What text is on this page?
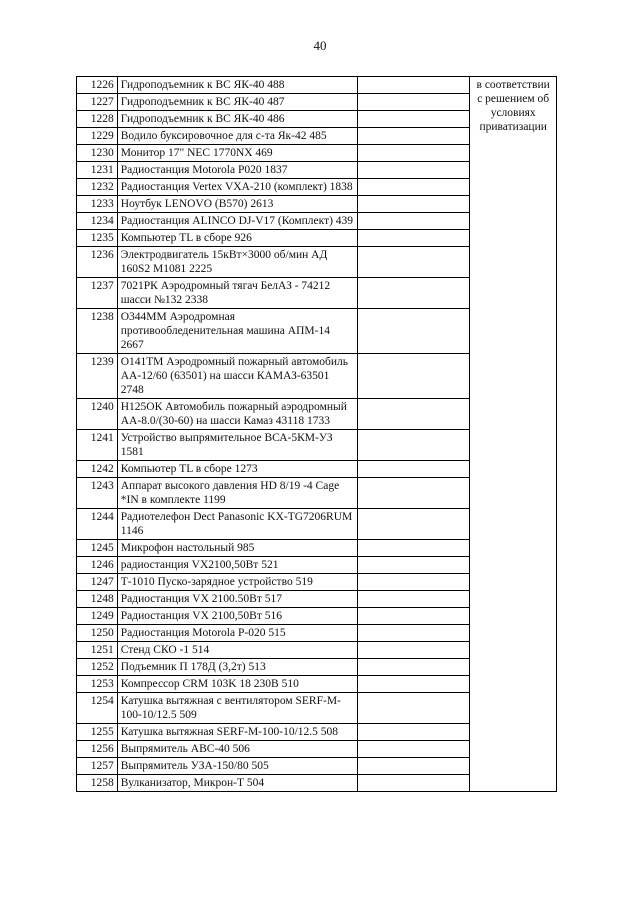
40
1226	Гидроподъемник к ВС ЯК-40 488		в соответствии с решением об условиях приватизации
1227	Гидроподъемник к ВС ЯК-40 487		
1228	Гидроподъемник к ВС ЯК-40 486		
1229	Водило буксировочное для с-та Як-42 485		
1230	Монитор 17" NEC 1770NX 469		
1231	Радиостанция Motorola P020 1837		
1232	Радиостанция Vertex VXA-210 (комплект) 1838		
1233	Ноутбук LENOVO (B570) 2613		
1234	Радиостанция ALINCO DJ-V17 (Комплект) 439		
1235	Компьютер TL в сборе 926		
1236	Электродвигатель 15кВт×3000 об/мин АД 160S2 М1081 2225		
1237	7021РК Аэродромный тягач БелАЗ - 74212 шасси №132 2338		
1238	О344ММ Аэродромная противообледенительная машина АПМ-14 2667		
1239	О141ТМ Аэродромный пожарный автомобиль АА-12/60 (63501) на шасси КАМАЗ-63501 2748		
1240	Н125ОК Автомобиль пожарный аэродромный АА-8.0/(30-60) на шасси Камаз 43118 1733		
1241	Устройство выпрямительное ВСА-5КМ-УЗ 1581		
1242	Компьютер TL в сборе 1273		
1243	Аппарат высокого давления HD 8/19 -4 Cage *IN в комплекте 1199		
1244	Радиотелефон Dect Panasonic KX-TG7206RUM 1146		
1245	Микрофон настольный 985		
1246	радиостанция VX2100,50Вт 521		
1247	Т-1010 Пуско-зарядное устройство 519		
1248	Радиостанция VX 2100.50Вт 517		
1249	Радиостанция VX 2100,50Вт 516		
1250	Радиостанция Motorola P-020 515		
1251	Стенд СКО -1 514		
1252	Подъемник П 178Д (3,2т) 513		
1253	Компрессор CRM 103K 18 230В 510		
1254	Катушка вытяжная с вентилятором SERF-M-100-10/12.5 509		
1255	Катушка вытяжная SERF-M-100-10/12.5 508		
1256	Выпрямитель АВС-40 506		
1257	Выпрямитель УЗА-150/80 505		
1258	Вулканизатор, Микрон-Т 504		
